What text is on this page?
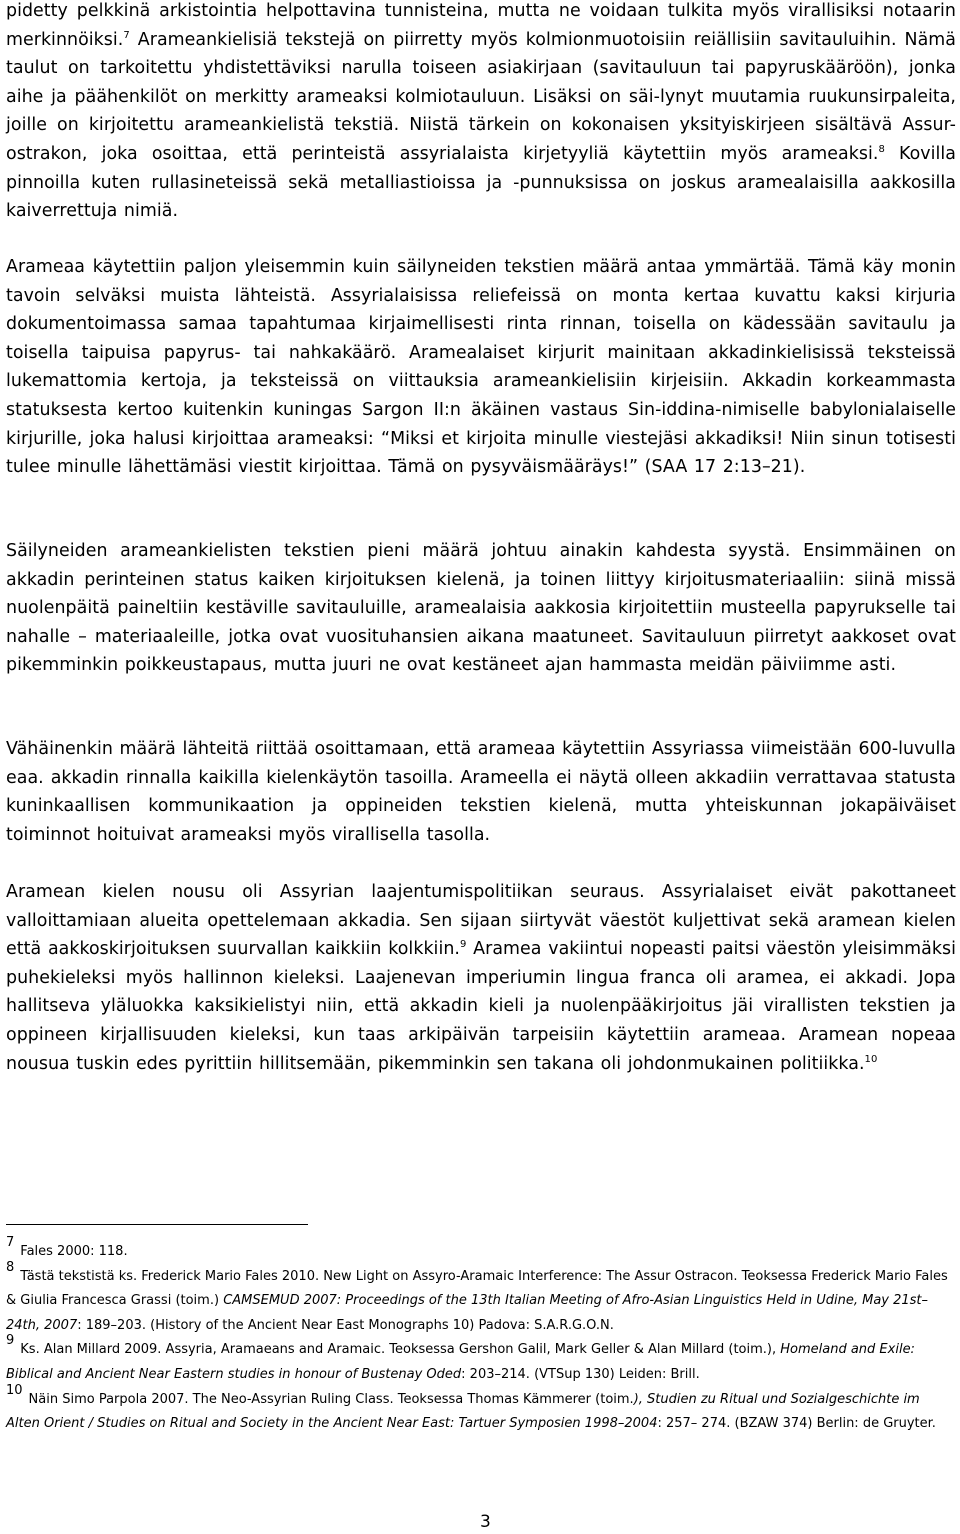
pidetty pelkkinä arkistointia helpottavina tunnisteina, mutta ne voidaan tulkita myös virallisiksi notaarin merkinnöiksi.$^7$ Arameankielisiä tekstejä on piirretty myös kolmionmuotoisiin reiällisiin savitauluihin. Nämä taulut on tarkoitettu yhdistettäviksi narulla toiseen asiakirjaan (savitauluun tai papyruskääröön), jonka aihe ja päähenkilöt on merkitty arameaksi kolmiotauluun. Lisäksi on säi-lynyt muutamia ruukunsirpaleita, joille on kirjoitettu arameankielistä tekstiä. Niistä tärkein on kokonaisen yksityiskirjeen sisältävä Assur-ostrakon, joka osoittaa, että perinteistä assyrialaista kirjetyyliä käytettiin myös arameaksi.$^8$ Kovilla pinnoilla kuten rullasineteissä sekä metalliastioissa ja -punnuksissa on joskus aramealaisilla aakkosilla kaiverrettuja nimiä.

Arameaa käytettiin paljon yleisemmin kuin säilyneiden tekstien määrä antaa ymmärtää. Tämä käy monin tavoin selväksi muista lähteistä. Assyrialaisissa reliefeissä on monta kertaa kuvattu kaksi kirjuria dokumentoimassa samaa tapahtumaa kirjaimellisesti rinta rinnan, toisella on kädessään savitaulu ja toisella taipuisa papyrus- tai nahkakäärö. Aramealaiset kirjurit mainitaan akkadinkielisissä teksteissä lukemattomia kertoja, ja teksteissä on viittauksia arameankielisiin kirjeisiin. Akkadin korkeammasta statuksesta kertoo kuitenkin kuningas Sargon II:n äkäinen vastaus Sin-iddina-nimiselle babylonialaiselle kirjurille, joka halusi kirjoittaa arameaksi: “Miksi et kirjoita minulle viestejäsi akkadiksi! Niin sinun totisesti tulee minulle lähettämäsi viestit kirjoittaa. Tämä on pysyväismääräys!” (SAA 17 2:13–21).

Säilyneiden arameankielisten tekstien pieni määrä johtuu ainakin kahdesta syystä. Ensimmäinen on akkadin perinteinen status kaiken kirjoituksen kielenä, ja toinen liittyy kirjoitusmateriaaliin: siinä missä nuolenpäitä paineltiin kestäville savitauluille, aramealaisia aakkosia kirjoitettiin musteella papyrukselle tai nahalle – materiaaleille, jotka ovat vuosituhansien aikana maatuneet. Savitauluun piirretyt aakkoset ovat pikemminkin poikkeustapaus, mutta juuri ne ovat kestäneet ajan hammasta meidän päiviimme asti.

Vähäinenkin määrä lähteitä riittää osoittamaan, että arameaa käytettiin Assyriassa viimeistään 600-luvulla eaa. akkadin rinnalla kaikilla kielenkäytön tasoilla. Arameella ei näytä olleen akkadiin verrattavaa statusta kuninkaallisen kommunikaation ja oppineiden tekstien kielenä, mutta yhteiskunnan jokapäiväiset toiminnot hoituivat arameaksi myös virallisella tasolla.

Aramean kielen nousu oli Assyrian laajentumispolitiikan seuraus. Assyrialaiset eivät pakottaneet valloittamiaan alueita opettelemaan akkadia. Sen sijaan siirtyvät väestöt kuljettivat sekä aramean kielen että aakkoskirjoituksen suurvallan kaikkiin kolkkiin.$^9$ Aramea vakiintui nopeasti paitsi väestön yleisimmäksi puhekieleksi myös hallinnon kieleksi. Laajenevan imperiumin lingua franca oli aramea, ei akkadi. Jopa hallitseva yläluokka kaksikielistyi niin, että akkadin kieli ja nuolenpääkirjoitus jäi virallisten tekstien ja oppineen kirjallisuuden kieleksi, kun taas arkipäivän tarpeisiin käytettiin arameaa. Aramean nopeaa nousua tuskin edes pyrittiin hillitsemään, pikemminkin sen takana oli johdonmukainen politiikka.$^{10}$

7Fales 2000: 118.

8Tästä tekstistä ks. Frederick Mario Fales 2010. New Light on Assyro-Aramaic Interference: The Assur Ostracon. Teoksessa Frederick Mario Fales & Giulia Francesca Grassi (toim.) CAMSEMUD 2007: Proceedings of the 13th Italian Meeting of Afro-Asian Linguistics Held in Udine, May 21st–24th, 2007: 189–203. (History of the Ancient Near East Monographs 10) Padova: S.A.R.G.O.N.

9Ks. Alan Millard 2009. Assyria, Aramaeans and Aramaic. Teoksessa Gershon Galil, Mark Geller & Alan Millard (toim.), Homeland and Exile: Biblical and Ancient Near Eastern studies in honour of Bustenay Oded: 203–214. (VTSup 130) Leiden: Brill.

10Näin Simo Parpola 2007. The Neo-Assyrian Ruling Class. Teoksessa Thomas Kämmerer (toim.), Studien zu Ritual und Sozialgeschichte im Alten Orient / Studies on Ritual and Society in the Ancient Near East: Tartuer Symposien 1998–2004: 257– 274. (BZAW 374) Berlin: de Gruyter.

3
